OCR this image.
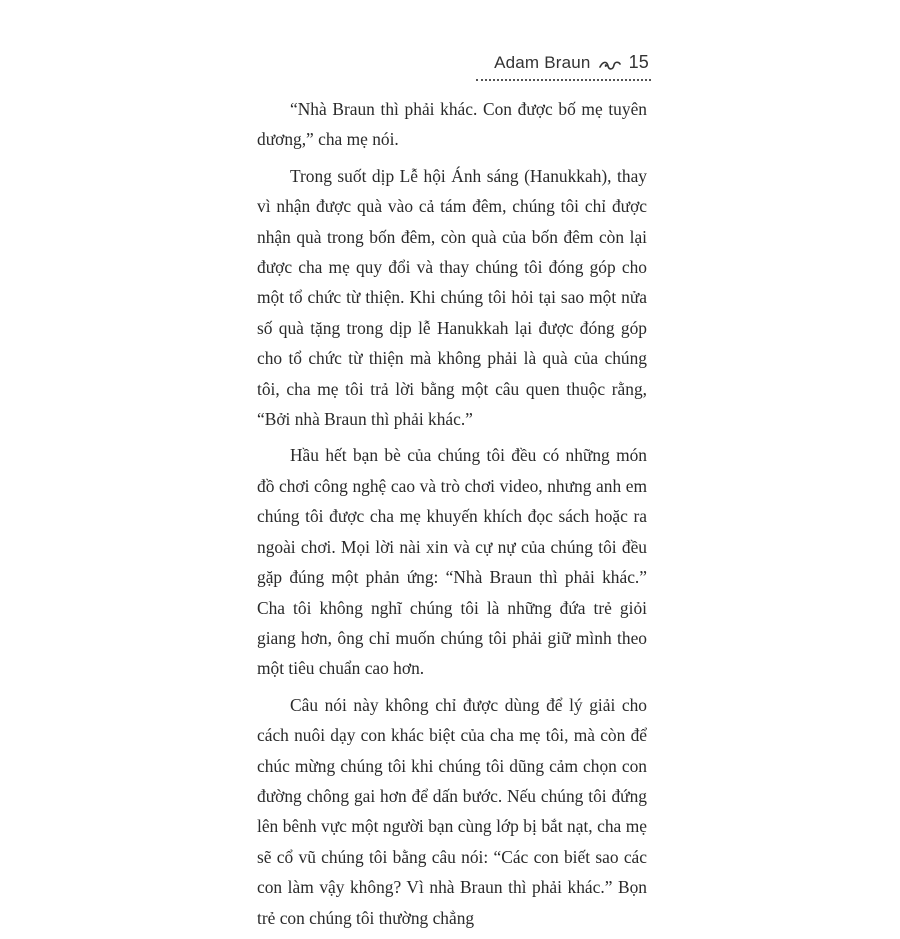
Adam Braun 15

“Nhà Braun thì phải khác. Con được bố mẹ tuyên dương,” cha mẹ nói.

Trong suốt dịp Lễ hội Ánh sáng (Hanukkah), thay vì nhận được quà vào cả tám đêm, chúng tôi chỉ được nhận quà trong bốn đêm, còn quà của bốn đêm còn lại được cha mẹ quy đổi và thay chúng tôi đóng góp cho một tổ chức từ thiện. Khi chúng tôi hỏi tại sao một nửa số quà tặng trong dịp lễ Hanukkah lại được đóng góp cho tổ chức từ thiện mà không phải là quà của chúng tôi, cha mẹ tôi trả lời bằng một câu quen thuộc rằng, “Bởi nhà Braun thì phải khác.”

Hầu hết bạn bè của chúng tôi đều có những món đồ chơi công nghệ cao và trò chơi video, nhưng anh em chúng tôi được cha mẹ khuyến khích đọc sách hoặc ra ngoài chơi. Mọi lời nài xin và cự nự của chúng tôi đều gặp đúng một phản ứng: “Nhà Braun thì phải khác.” Cha tôi không nghĩ chúng tôi là những đứa trẻ giỏi giang hơn, ông chỉ muốn chúng tôi phải giữ mình theo một tiêu chuẩn cao hơn.

Câu nói này không chỉ được dùng để lý giải cho cách nuôi dạy con khác biệt của cha mẹ tôi, mà còn để chúc mừng chúng tôi khi chúng tôi dũng cảm chọn con đường chông gai hơn để dấn bước. Nếu chúng tôi đứng lên bênh vực một người bạn cùng lớp bị bắt nạt, cha mẹ sẽ cổ vũ chúng tôi bằng câu nói: “Các con biết sao các con làm vậy không? Vì nhà Braun thì phải khác.” Bọn trẻ con chúng tôi thường chẳng
